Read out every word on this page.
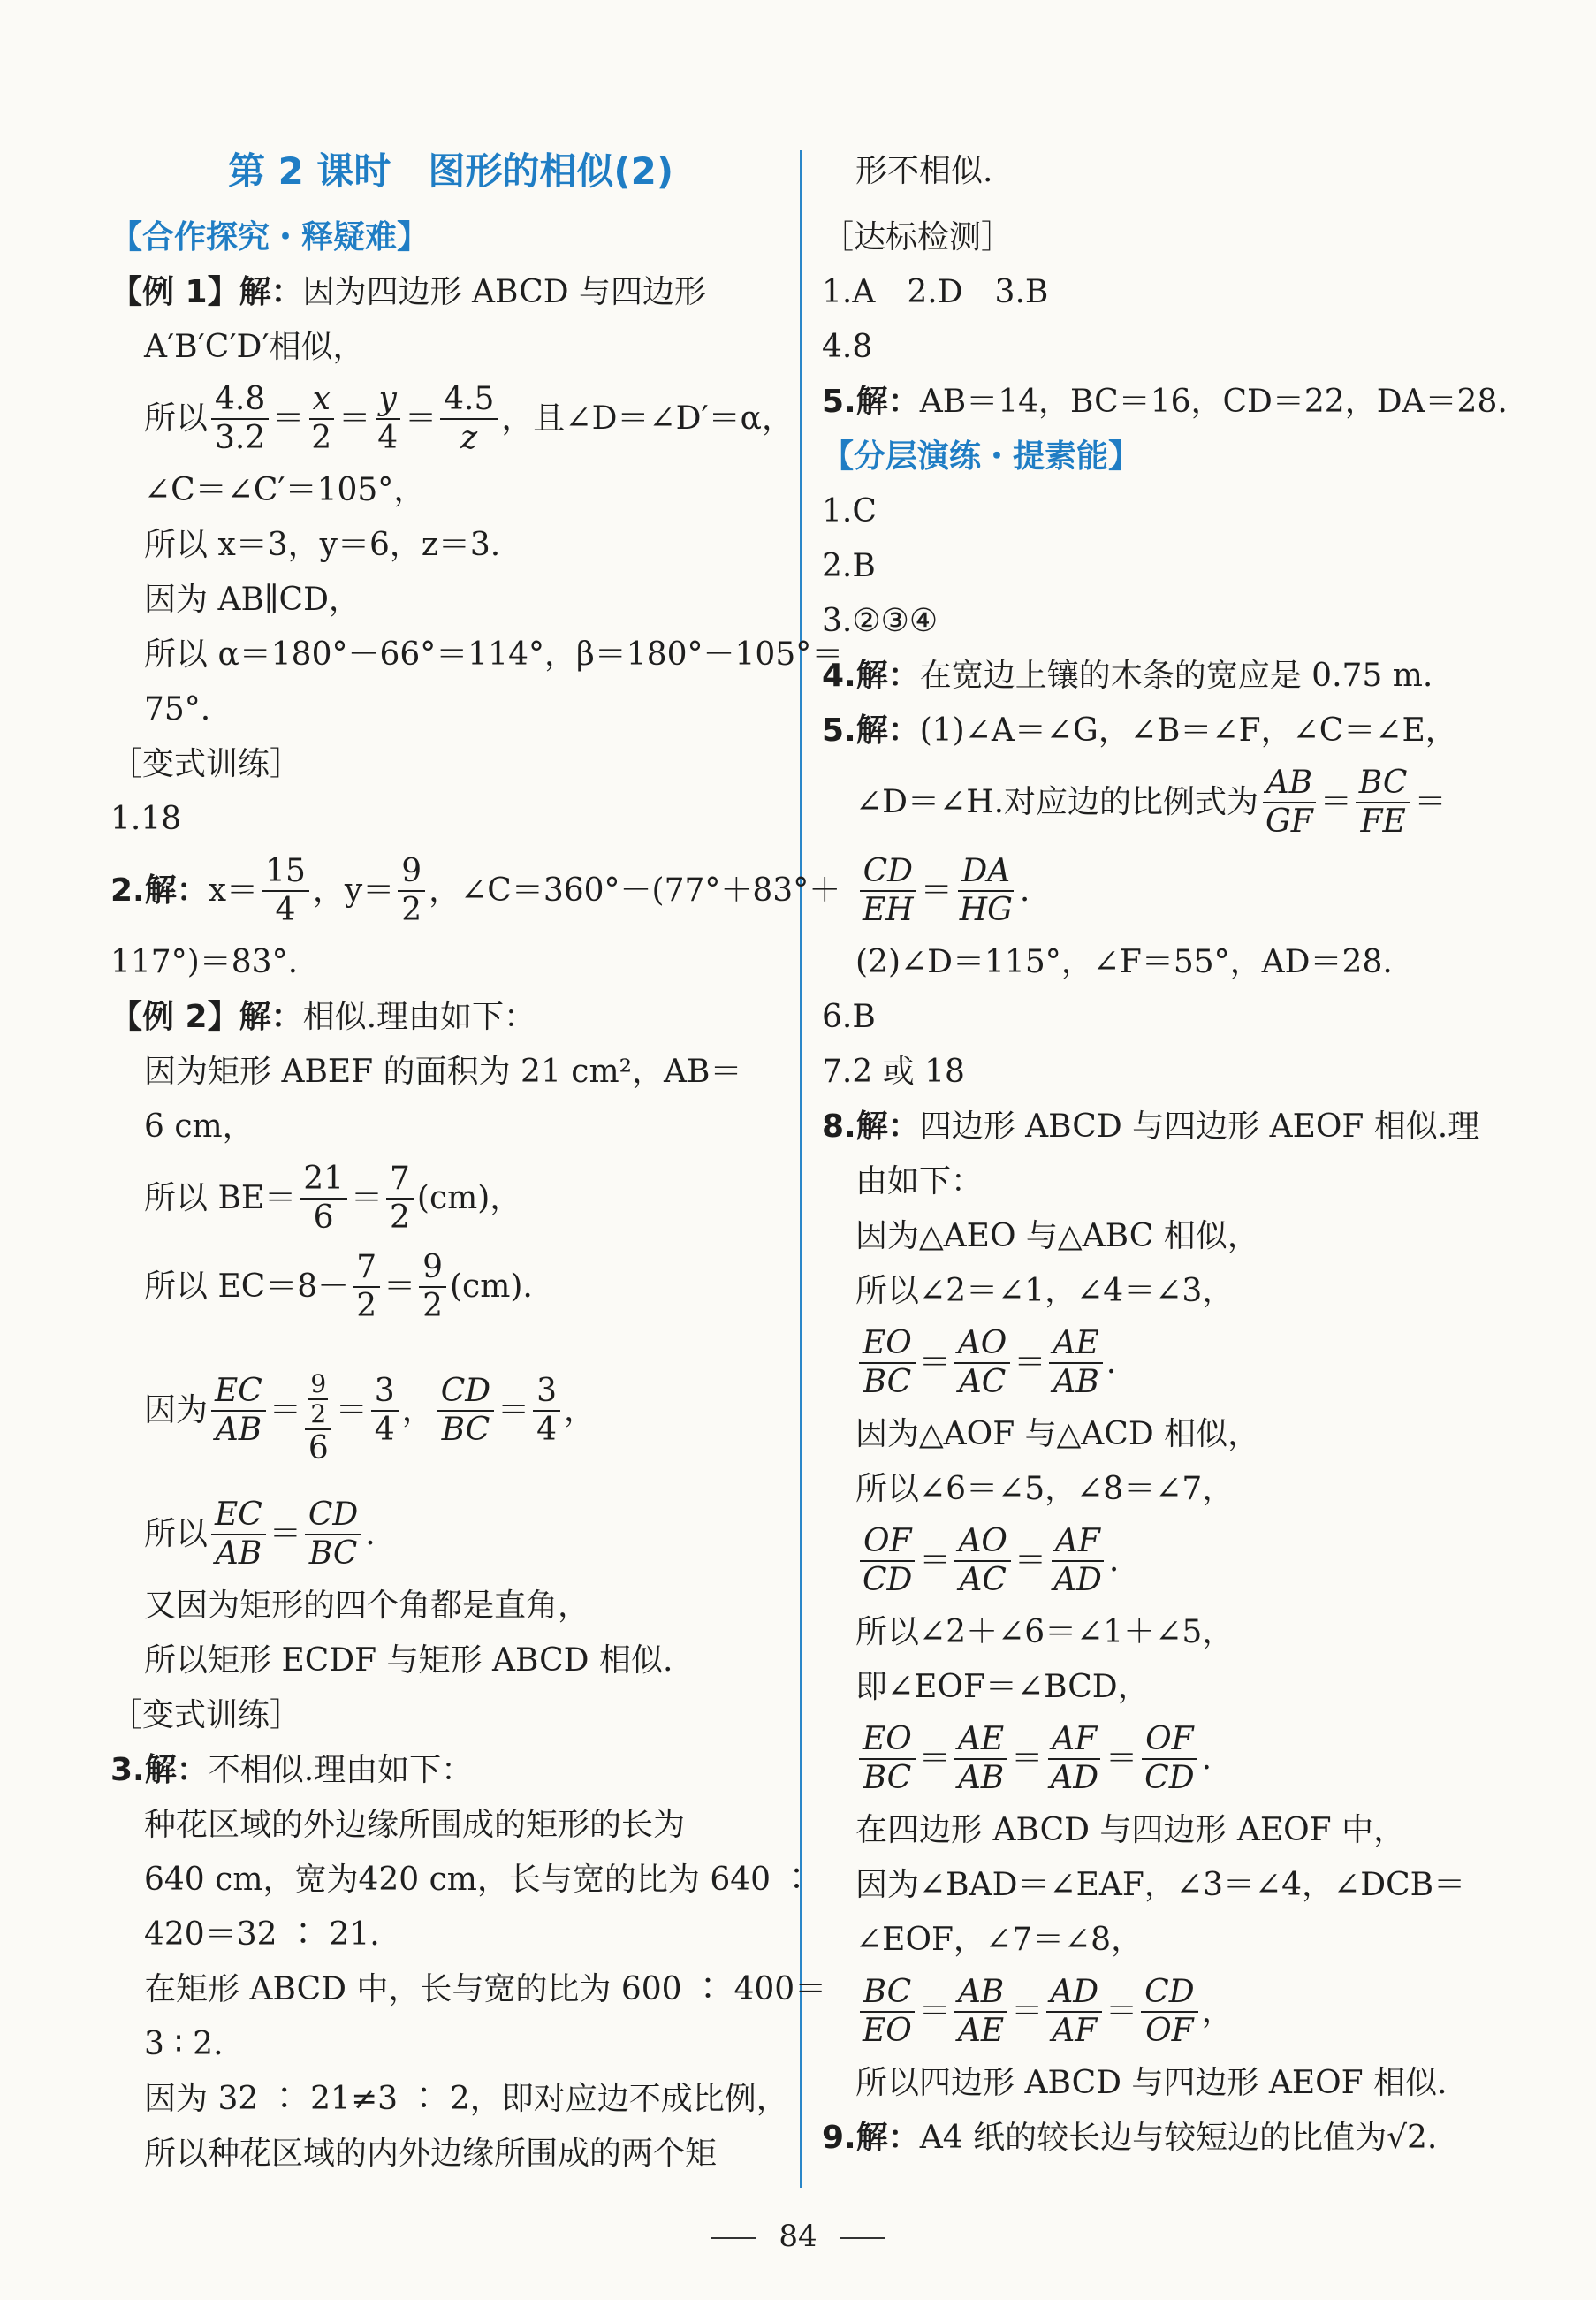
第 2 课时　图形的相似(2)
【合作探究・释疑难】
【例 1】解：因为四边形 ABCD 与四边形
A′B′C′D′相似，
所以 $\frac{4.8}{3.2} = \frac{x}{2} = \frac{y}{4} = \frac{4.5}{z}$ ，且∠D＝∠D′＝α，
∠C＝∠C′＝105°，
所以 x＝3，y＝6，z＝3.
因为 AB∥CD，
所以 α＝180°－66°＝114°，β＝180°－105°＝
75°.
［变式训练］
1.18
2.解： $x= \frac{15}{4}$ ，$y= \frac{9}{2}$ ，∠C＝360°－(77°＋83°＋
117°)＝83°.
【例 2】解：相似.理由如下：
因为矩形 ABEF 的面积为 21 cm²，AB＝
6 cm，
所以 $BE= \frac{21}{6} = \frac{7}{2} (cm)$，
所以 $EC=8- \frac{7}{2} = \frac{9}{2} (cm)$.
因为 $\frac{EC}{AB} = \frac{\frac{9}{2}}{6} = \frac{3}{4}$ ， $\frac{CD}{BC} = \frac{3}{4}$ ，
所以 $\frac{EC}{AB} = \frac{CD}{BC}$ .
又因为矩形的四个角都是直角，
所以矩形 ECDF 与矩形 ABCD 相似.
［变式训练］
3.解：不相似.理由如下：
种花区域的外边缘所围成的矩形的长为
640 cm，宽为420 cm，长与宽的比为 640 ∶
420＝32 ∶ 21.
在矩形 ABCD 中，长与宽的比为 600 ∶ 400＝
3 ∶ 2.
因为 32 ∶ 21≠3 ∶ 2，即对应边不成比例，
所以种花区域的内外边缘所围成的两个矩
形不相似.
［达标检测］
1.A　2.D　3.B
4.8
5.解：AB＝14，BC＝16，CD＝22，DA＝28.
【分层演练・提素能】
1.C
2.B
3.②③④
4.解：在宽边上镶的木条的宽应是 0.75 m.
5.解：(1)∠A＝∠G，∠B＝∠F，∠C＝∠E，
∠D＝∠H.对应边的比例式为 $\frac{AB}{GF} = \frac{BC}{FE}$ ＝
$\frac{CD}{EH} = \frac{DA}{HG}$ .
(2)∠D＝115°，∠F＝55°，AD＝28.
6.B
7.2 或 18
8.解：四边形 ABCD 与四边形 AEOF 相似.理
由如下：
因为△AEO 与△ABC 相似，
所以∠2＝∠1，∠4＝∠3，
$\frac{EO}{BC} = \frac{AO}{AC} = \frac{AE}{AB}$ .
因为△AOF 与△ACD 相似，
所以∠6＝∠5，∠8＝∠7，
$\frac{OF}{CD} = \frac{AO}{AC} = \frac{AF}{AD}$ .
所以∠2＋∠6＝∠1＋∠5，
即∠EOF＝∠BCD，
$\frac{EO}{BC} = \frac{AE}{AB} = \frac{AF}{AD} = \frac{OF}{CD}$ .
在四边形 ABCD 与四边形 AEOF 中，
因为∠BAD＝∠EAF，∠3＝∠4，∠DCB＝
∠EOF，∠7＝∠8，
$\frac{BC}{EO} = \frac{AB}{AE} = \frac{AD}{AF} = \frac{CD}{OF}$ ，
所以四边形 ABCD 与四边形 AEOF 相似.
9.解：A4 纸的较长边与较短边的比值为√2.
84
